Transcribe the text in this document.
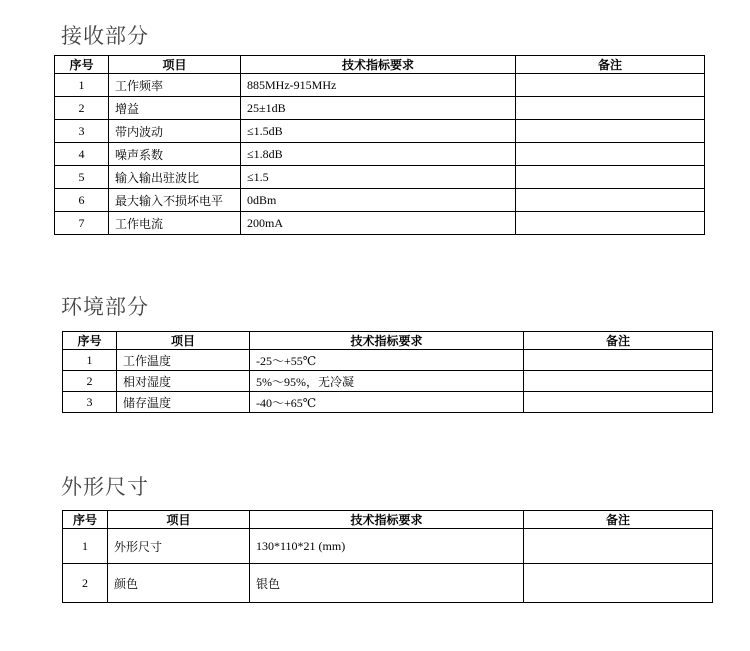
接收部分
序号	项目	技术指标要求	备注
1	工作频率	885MHz-915MHz	
2	增益	25±1dB	
3	带内波动	≤1.5dB	
4	噪声系数	≤1.8dB	
5	输入输出驻波比	≤1.5	
6	最大输入不损坏电平	0dBm	
7	工作电流	200mA	
环境部分
序号	项目	技术指标要求	备注
1	工作温度	-25～+55℃	
2	相对湿度	5%～95%，无冷凝	
3	储存温度	-40～+65℃	
外形尺寸
序号	项目	技术指标要求	备注
1	外形尺寸	130*110*21 (mm)	
2	颜色	银色	
